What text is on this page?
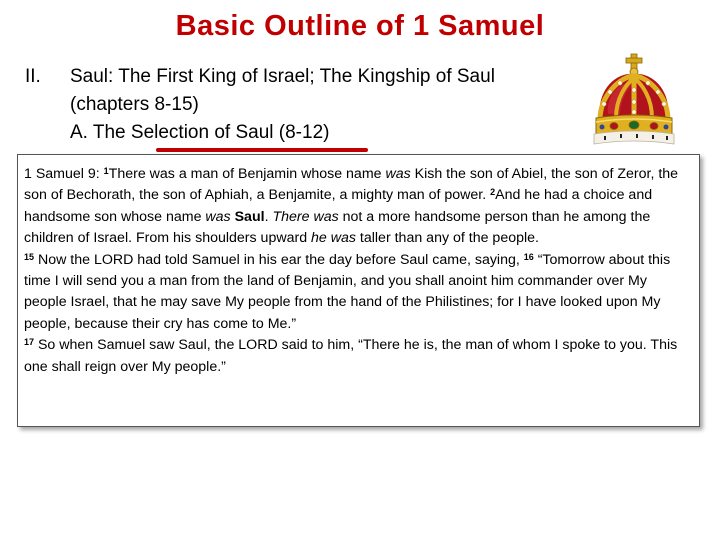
Basic Outline of 1 Samuel
II. Saul: The First King of Israel; The Kingship of Saul
(chapters 8-15)
A. The Selection of Saul (8-12)

1 Samuel 9: $^1$There was a man of Benjamin whose name was Kish the son of Abiel, the son of Zeror, the son of Bechorath, the son of Aphiah, a Benjamite, a mighty man of power. $^2$And he had a choice and handsome son whose name was Saul. There was not a more handsome person than he among the children of Israel. From his shoulders upward he was taller than any of the people.
$^{15}$ Now the LORD had told Samuel in his ear the day before Saul came, saying, $^{16}$ “Tomorrow about this time I will send you a man from the land of Benjamin, and you shall anoint him commander over My people Israel, that he may save My people from the hand of the Philistines; for I have looked upon My people, because their cry has come to Me.”
$^{17}$ So when Samuel saw Saul, the LORD said to him, “There he is, the man of whom I spoke to you. This one shall reign over My people.”
